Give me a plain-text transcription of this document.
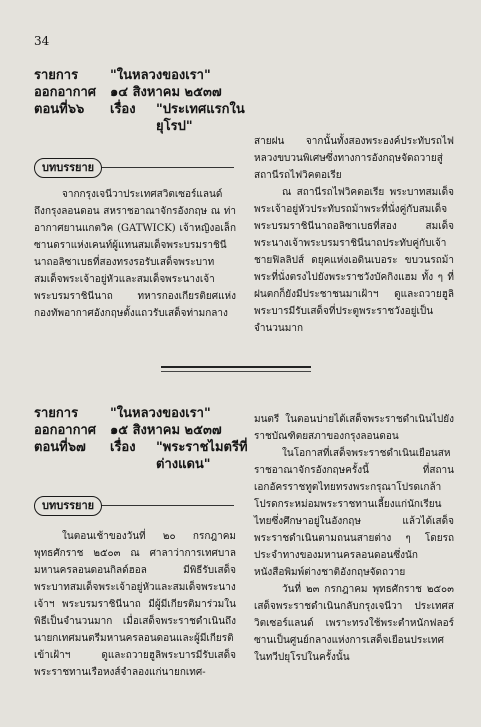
34
รายการ	"ในหลวงของเรา"
ออกอากาศ	๑๔ สิงหาคม ๒๕๓๗
ตอนที่๖๖	เรื่อง	"ประเทศแรกใน
ยุโรป"
บทบรรยาย

จากกรุงเจนีวาประเทศสวิตเซอร์แลนด์ ถึงกรุงลอนดอน สหราชอาณาจักรอังกฤษ ณ ท่าอากาศยานแกตวิค (GATWICK) เจ้าหญิงอเล็กซานดราแห่งเคนท์ผู้แทนสมเด็จพระบรมราชินีนาถอลิซาเบธที่สองทรงรอรับเสด็จพระบาทสมเด็จพระเจ้าอยู่หัวและสมเด็จพระนางเจ้าพระบรมราชินีนาถ ทหารกองเกียรติยศแห่งกองทัพอากาศอังกฤษตั้งแถวรับเสด็จท่ามกลาง

สายฝน จากนั้นทั้งสองพระองค์ประทับรถไฟหลวงขบวนพิเศษซึ่งทางการอังกฤษจัดถวายสู่สถานีรถไฟวิคตอเรีย

ณ สถานีรถไฟวิคตอเรีย พระบาทสมเด็จพระเจ้าอยู่หัวประทับรถม้าพระที่นั่งคู่กับสมเด็จพระบรมราชินีนาถอลิซาเบธที่สอง สมเด็จพระนางเจ้าพระบรมราชินีนาถประทับคู่กับเจ้าชายฟิลลิปส์ ดยุคแห่งเอดินเบอระ ขบวนรถม้าพระที่นั่งตรงไปยังพระราชวังบัคกิงแฮม ทั้ง ๆ ที่ฝนตกก็ยังมีประชาชนมาเฝ้าฯ ดูและถวายฮูลิพระบารมีรับเสด็จที่ประตูพระราชวังอยู่เป็นจำนวนมาก

รายการ	"ในหลวงของเรา"
ออกอากาศ	๑๕ สิงหาคม ๒๕๓๗
ตอนที่๖๗	เรื่อง	"พระราชไมตรีที่
ต่างแดน"
บทบรรยาย

ในตอนเช้าของวันที่ ๒๐ กรกฎาคม พุทธศักราช ๒๕๐๓ ณ ศาลาว่าการเทศบาลมหานครลอนดอนกิลด์ฮอล มีพิธีรับเสด็จพระบาทสมเด็จพระเจ้าอยู่หัวและสมเด็จพระนางเจ้าฯ พระบรมราชินีนาถ มีผู้มีเกียรติมาร่วมในพิธีเป็นจำนวนมาก เมื่อเสด็จพระราชดำเนินถึงนายกเทศมนตรีมหานครลอนดอนและผู้มีเกียรติเข้าเฝ้าฯ ดูและถวายฮูลิพระบารมีรับเสด็จพระราชทานเรือหงส์จำลองแก่นายกเทศ-

มนตรี ในตอนบ่ายได้เสด็จพระราชดำเนินไปยังราชบัณฑิตยสภาของกรุงลอนดอน

ในโอกาสที่เสด็จพระราชดำเนินเยือนสหราชอาณาจักรอังกฤษครั้งนี้ ที่สถานเอกอัครราชทูตไทยทรงพระกรุณาโปรดเกล้าโปรดกระหม่อมพระราชทานเลี้ยงแก่นักเรียนไทยซึ่งศึกษาอยู่ในอังกฤษ แล้วได้เสด็จพระราชดำเนินตามถนนสายต่าง ๆ โดยรถประจำทางของมหานครลอนดอนซึ่งนักหนังสือพิมพ์ต่างชาติอังกฤษจัดถวาย

วันที่ ๒๓ กรกฎาคม พุทธศักราช ๒๕๐๓ เสด็จพระราชดำเนินกลับกรุงเจนีวา ประเทศสวิตเซอร์แลนด์ เพราะทรงใช้พระตำหนักฟลอร์ซานเป็นศูนย์กลางแห่งการเสด็จเยือนประเทศในทวีปยุโรปในครั้งนั้น
